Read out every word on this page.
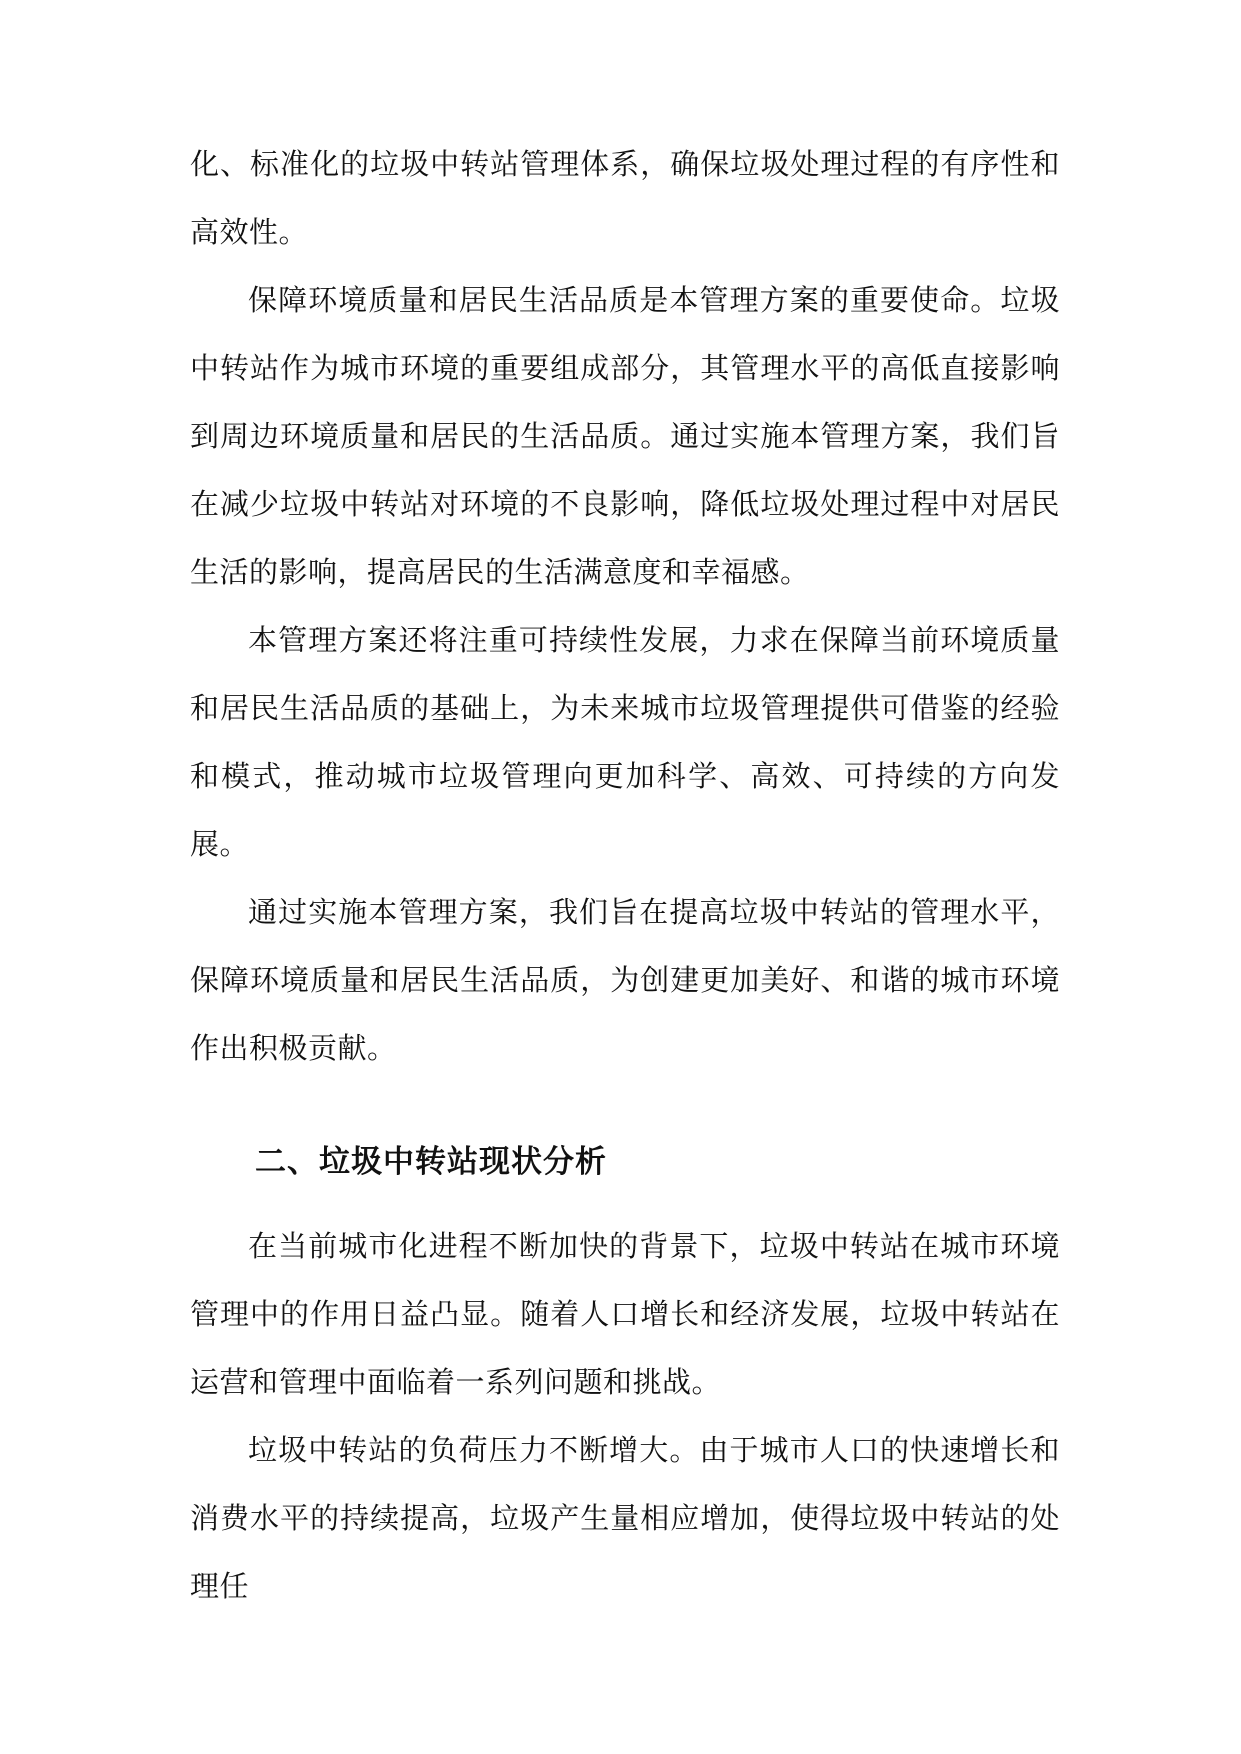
化、标准化的垃圾中转站管理体系，确保垃圾处理过程的有序性和高效性。

保障环境质量和居民生活品质是本管理方案的重要使命。垃圾中转站作为城市环境的重要组成部分，其管理水平的高低直接影响到周边环境质量和居民的生活品质。通过实施本管理方案，我们旨在减少垃圾中转站对环境的不良影响，降低垃圾处理过程中对居民生活的影响，提高居民的生活满意度和幸福感。

本管理方案还将注重可持续性发展，力求在保障当前环境质量和居民生活品质的基础上，为未来城市垃圾管理提供可借鉴的经验和模式，推动城市垃圾管理向更加科学、高效、可持续的方向发展。

通过实施本管理方案，我们旨在提高垃圾中转站的管理水平，保障环境质量和居民生活品质，为创建更加美好、和谐的城市环境作出积极贡献。

二、垃圾中转站现状分析

在当前城市化进程不断加快的背景下，垃圾中转站在城市环境管理中的作用日益凸显。随着人口增长和经济发展，垃圾中转站在运营和管理中面临着一系列问题和挑战。

垃圾中转站的负荷压力不断增大。由于城市人口的快速增长和消费水平的持续提高，垃圾产生量相应增加，使得垃圾中转站的处理任
